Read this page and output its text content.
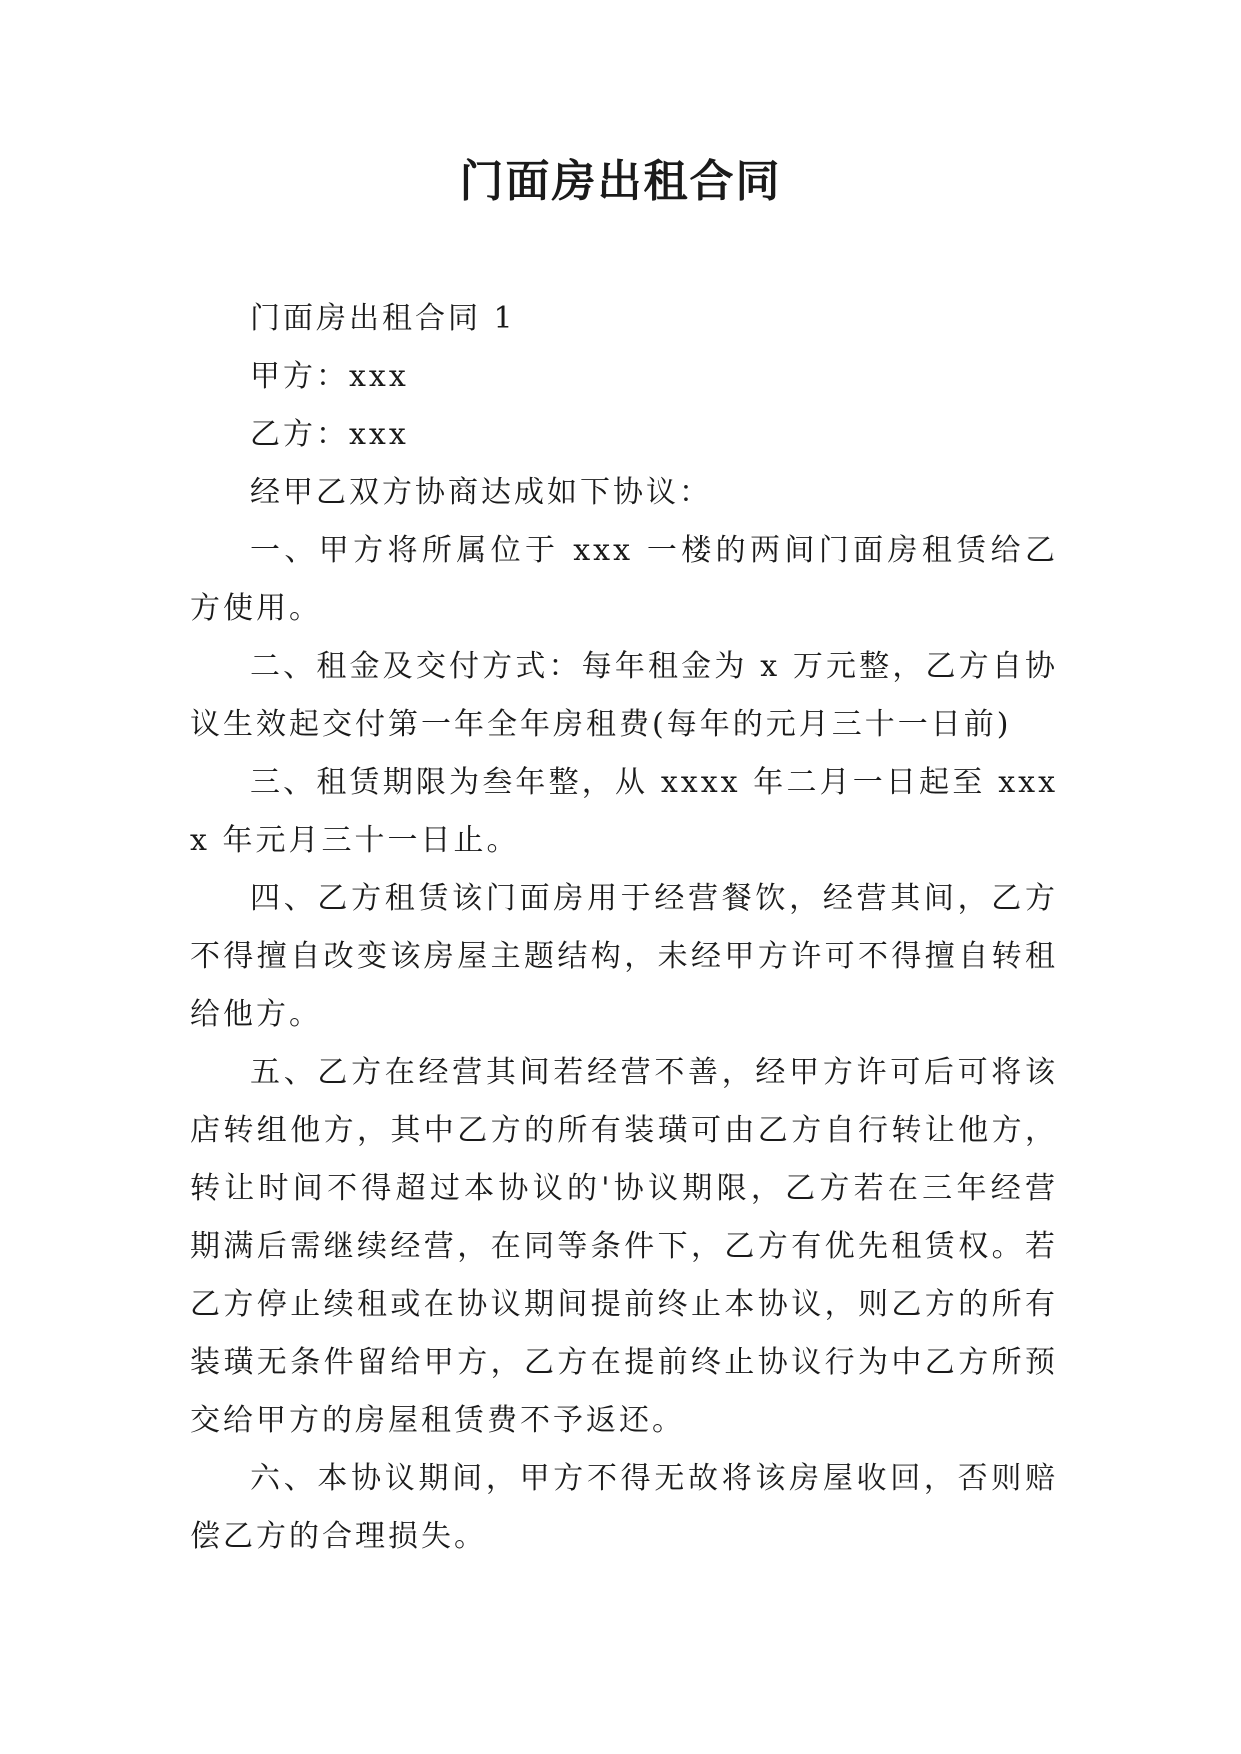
门面房出租合同

门面房出租合同 1

甲方：xxx

乙方：xxx

经甲乙双方协商达成如下协议：

一、甲方将所属位于 xxx 一楼的两间门面房租赁给乙方使用。

二、租金及交付方式：每年租金为 x 万元整，乙方自协议生效起交付第一年全年房租费(每年的元月三十一日前)

三、租赁期限为叁年整，从 xxxx 年二月一日起至 xxxx 年元月三十一日止。

四、乙方租赁该门面房用于经营餐饮，经营其间，乙方不得擅自改变该房屋主题结构，未经甲方许可不得擅自转租给他方。

五、乙方在经营其间若经营不善，经甲方许可后可将该店转组他方，其中乙方的所有装璜可由乙方自行转让他方，转让时间不得超过本协议的'协议期限，乙方若在三年经营期满后需继续经营，在同等条件下，乙方有优先租赁权。若乙方停止续租或在协议期间提前终止本协议，则乙方的所有装璜无条件留给甲方，乙方在提前终止协议行为中乙方所预交给甲方的房屋租赁费不予返还。

六、本协议期间，甲方不得无故将该房屋收回，否则赔偿乙方的合理损失。
